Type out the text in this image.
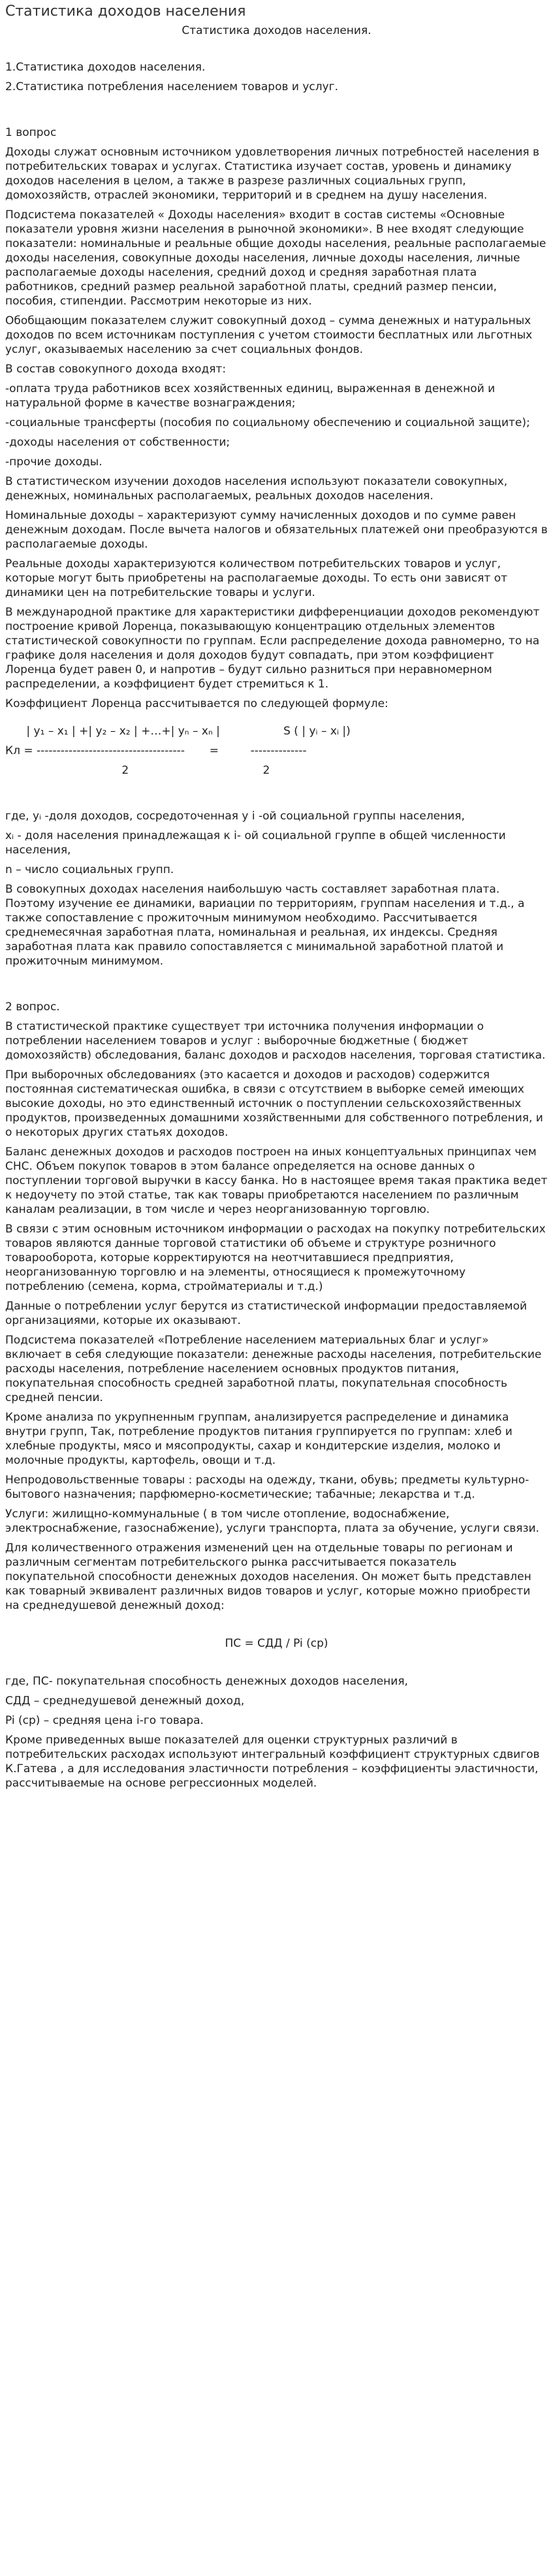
Статистика доходов населения

Статистика доходов населения.

1.Статистика доходов населения.

2.Статистика потребления населением товаров и услуг.

1 вопрос

Доходы служат основным источником удовлетворения личных потребностей населения в потребительских товарах и услугах. Статистика изучает состав, уровень и динамику доходов населения в целом, а также в разрезе различных социальных групп, домохозяйств, отраслей экономики, территорий и в среднем на душу населения.

Подсистема показателей « Доходы населения» входит в состав системы «Основные показатели уровня жизни населения в рыночной экономики». В нее входят следующие показатели: номинальные и реальные общие доходы населения, реальные располагаемые доходы населения, совокупные доходы населения, личные доходы населения, личные располагаемые доходы населения, средний доход и средняя заработная плата работников, средний размер реальной заработной платы, средний размер пенсии, пособия, стипендии. Рассмотрим некоторые из них.

Обобщающим показателем служит совокупный доход – сумма денежных и натуральных доходов по всем источникам поступления с учетом стоимости бесплатных или льготных услуг, оказываемых населению за счет социальных фондов.

В состав совокупного дохода входят:

-оплата труда работников всех хозяйственных единиц, выраженная в денежной и натуральной форме в качестве вознаграждения;

-социальные трансферты (пособия по социальному обеспечению и социальной защите);

-доходы населения от собственности;

-прочие доходы.

В статистическом изучении доходов населения используют показатели совокупных, денежных, номинальных располагаемых, реальных доходов населения.

Номинальные доходы – характеризуют сумму начисленных доходов и по сумме равен денежным доходам. После вычета налогов и обязательных платежей они преобразуются в располагаемые доходы.

Реальные доходы характеризуются количеством потребительских товаров и услуг, которые могут быть приобретены на располагаемые доходы. То есть они зависят от динамики цен на потребительские товары и услуги.

В международной практике для характеристики дифференциации доходов рекомендуют построение кривой Лоренца, показывающую концентрацию отдельных элементов статистической совокупности по группам. Если распределение дохода равномерно, то на графике доля населения и доля доходов будут совпадать, при этом коэффициент Лоренца будет равен 0, и напротив – будут сильно разниться при неравномерном распределении, а коэффициент будет стремиться к 1.

Коэффициент Лоренца рассчитывается по следующей формуле:

| y₁ – x₁ | +| y₂ – x₂ | +…+| yₙ – xₙ |                  S ( | yᵢ – xᵢ |)
Кл = -------------------------------------       =         --------------
2                                      2

где, yᵢ -доля доходов, сосредоточенная у i -ой социальной группы населения,

xᵢ - доля населения принадлежащая к i- ой социальной группе в общей численности населения,

n – число социальных групп.

В совокупных доходах населения наибольшую часть составляет заработная плата. Поэтому изучение ее динамики, вариации по территориям, группам населения и т.д., а также сопоставление с прожиточным минимумом необходимо. Рассчитывается среднемесячная заработная плата, номинальная и реальная, их индексы. Средняя заработная плата как правило сопоставляется с минимальной заработной платой и прожиточным минимумом.

2 вопрос.

В статистической практике существует три источника получения информации о потреблении населением товаров и услуг : выборочные бюджетные ( бюджет домохозяйств) обследования, баланс доходов и расходов населения, торговая статистика.

При выборочных обследованиях (это касается и доходов и расходов) содержится постоянная систематическая ошибка, в связи с отсутствием в выборке семей имеющих высокие доходы, но это единственный источник о поступлении сельскохозяйственных продуктов, произведенных домашними хозяйственными для собственного потребления, и о некоторых других статьях доходов.

Баланс денежных доходов и расходов построен на иных концептуальных принципах чем СНС. Объем покупок товаров в этом балансе определяется на основе данных о поступлении торговой выручки в кассу банка. Но в настоящее время такая практика ведет к недоучету по этой статье, так как товары приобретаются населением по различным каналам реализации, в том числе и через неорганизованную торговлю.

В связи с этим основным источником информации о расходах на покупку потребительских товаров являются данные торговой статистики об объеме и структуре розничного товарооборота, которые корректируются на неотчитавшиеся предприятия, неорганизованную торговлю и на элементы, относящиеся к промежуточному потреблению (семена, корма, стройматериалы и т.д.)

Данные о потреблении услуг берутся из статистической информации предоставляемой организациями, которые их оказывают.

Подсистема показателей «Потребление населением материальных благ и услуг» включает в себя следующие показатели: денежные расходы населения, потребительские расходы населения, потребление населением основных продуктов питания, покупательная способность средней заработной платы, покупательная способность средней пенсии.

Кроме анализа по укрупненным группам, анализируется распределение и динамика внутри групп, Так, потребление продуктов питания группируется по группам: хлеб и хлебные продукты, мясо и мясопродукты, сахар и кондитерские изделия, молоко и молочные продукты, картофель, овощи и т.д.

Непродовольственные товары : расходы на одежду, ткани, обувь; предметы культурно-бытового назначения; парфюмерно-косметические; табачные; лекарства и т.д.

Услуги: жилищно-коммунальные ( в том числе отопление, водоснабжение, электроснабжение, газоснабжение), услуги транспорта, плата за обучение, услуги связи.

Для количественного отражения изменений цен на отдельные товары по регионам и различным сегментам потребительского рынка рассчитывается показатель покупательной способности денежных доходов населения. Он может быть представлен как товарный эквивалент различных видов товаров и услуг, которые можно приобрести на среднедушевой денежный доход:

ПС = СДД / Pi (ср)

где, ПС- покупательная способность денежных доходов населения,

СДД – среднедушевой денежный доход,

Pi (ср) – средняя цена i-го товара.

Кроме приведенных выше показателей для оценки структурных различий в потребительских расходах используют интегральный коэффициент структурных сдвигов К.Гатева , а для исследования эластичности потребления – коэффициенты эластичности, рассчитываемые на основе регрессионных моделей.
